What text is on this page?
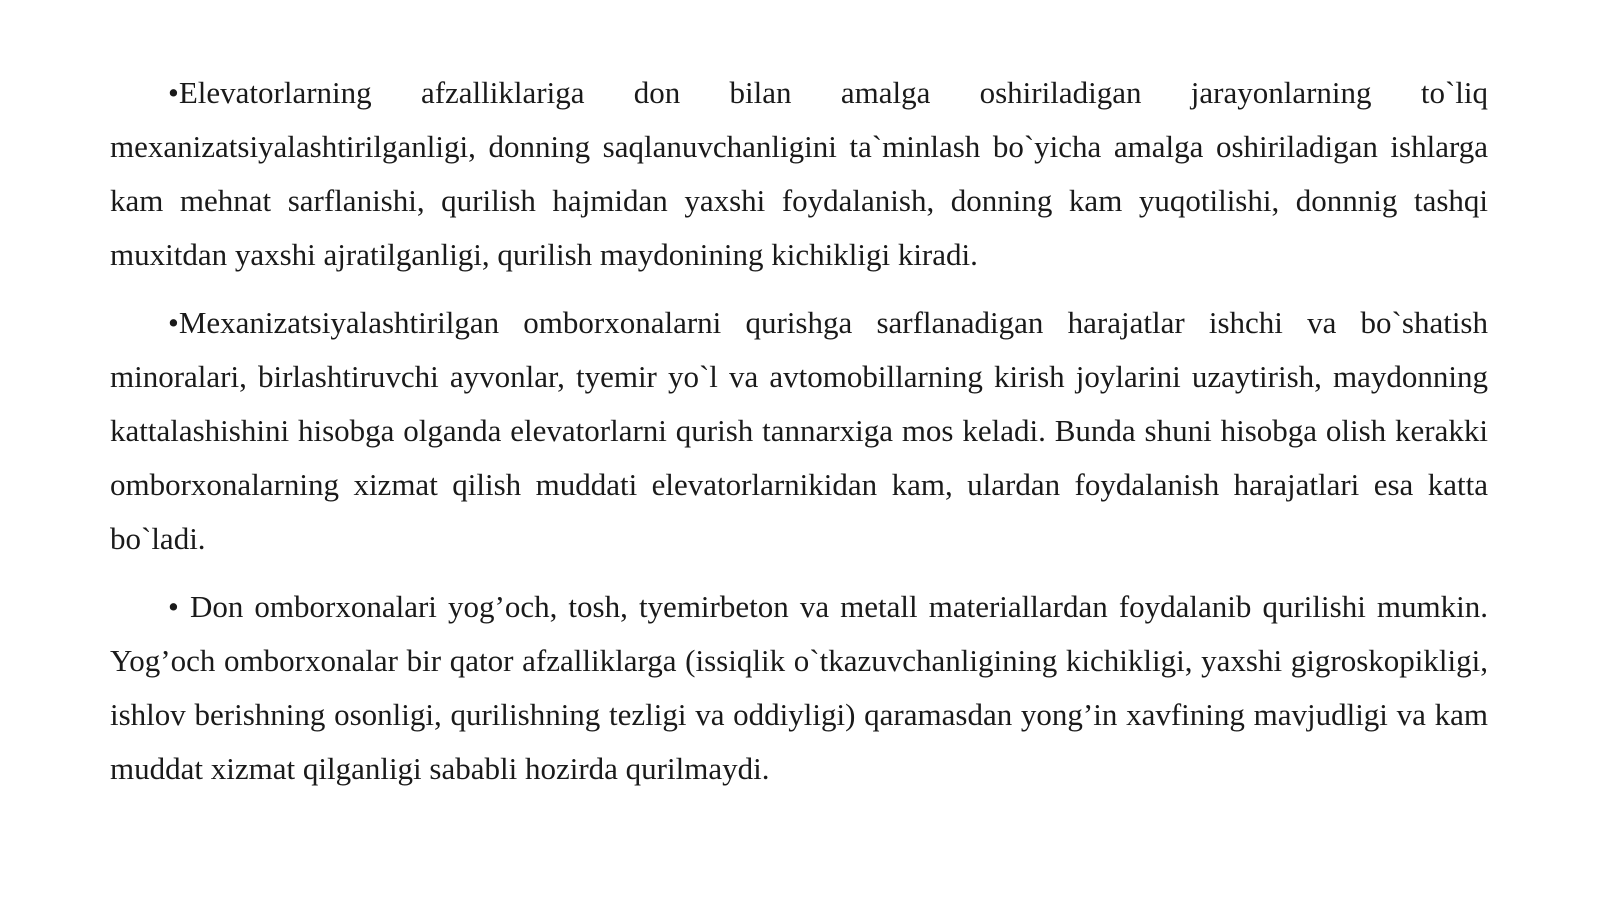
•Elevatorlarning afzalliklariga don bilan amalga oshiriladigan jarayonlarning to`liq mexanizatsiyalashtirilganligi, donning saqlanuvchanligini ta`minlash bo`yicha amalga oshiriladigan ishlarga kam mehnat sarflanishi, qurilish hajmidan yaxshi foydalanish, donning kam yuqotilishi, donnnig tashqi muxitdan yaxshi ajratilganligi, qurilish maydonining kichikligi kiradi.

•Mexanizatsiyalashtirilgan omborxonalarni qurishga sarflanadigan harajatlar ishchi va bo`shatish minoralari, birlashtiruvchi ayvonlar, tyemir yo`l va avtomobillarning kirish joylarini uzaytirish, maydonning kattalashishini hisobga olganda elevatorlarni qurish tannarxiga mos keladi. Bunda shuni hisobga olish kerakki omborxonalarning xizmat qilish muddati elevatorlarnikidan kam, ulardan foydalanish harajatlari esa katta bo`ladi.

• Don omborxonalari yog’och, tosh, tyemirbeton va metall materiallardan foydalanib qurilishi mumkin. Yog’och omborxonalar bir qator afzalliklarga (issiqlik o`tkazuvchanligining kichikligi, yaxshi gigroskopikligi, ishlov berishning osonligi, qurilishning tezligi va oddiyligi) qaramasdan yong’in xavfining mavjudligi va kam muddat xizmat qilganligi sababli hozirda qurilmaydi.
